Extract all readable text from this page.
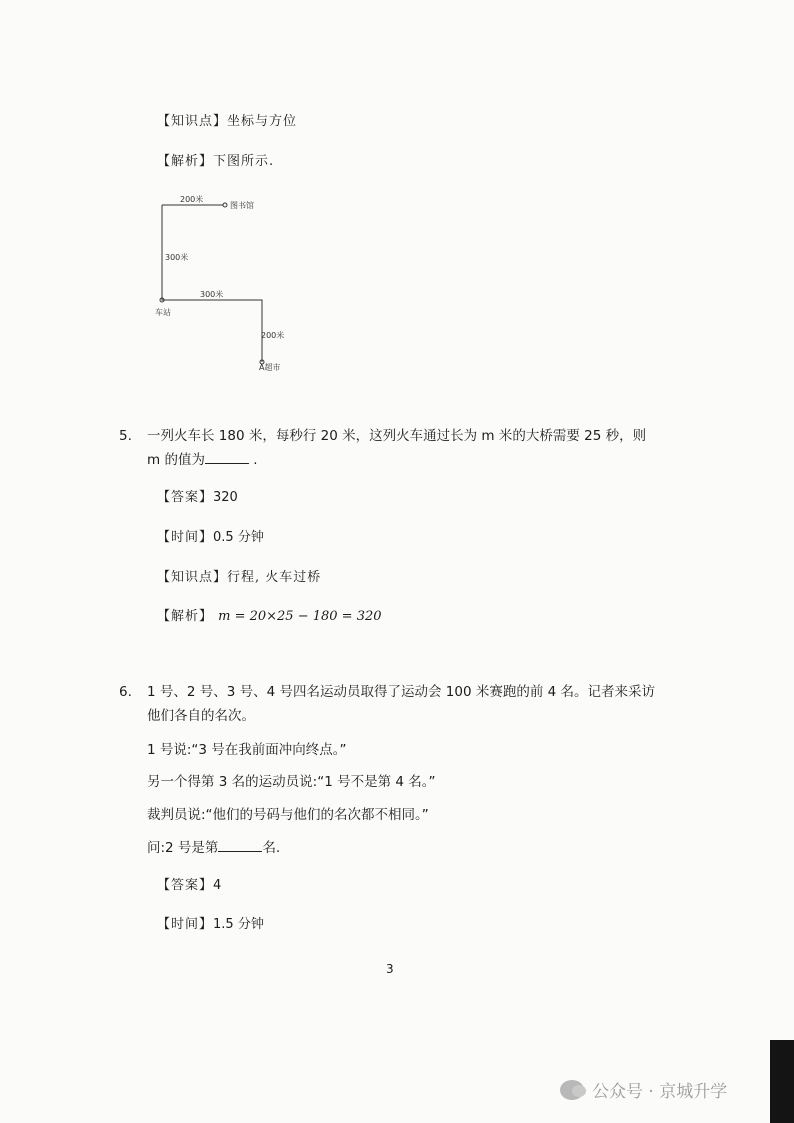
【知识点】坐标与方位
【解析】下图所示.
200米
图书馆
300米
300米
车站
200米
A超市
5. 一列火车长 180 米，每秒行 20 米，这列火车通过长为 m 米的大桥需要 25 秒，则
m 的值为	.
【答案】320
【时间】0.5 分钟
【知识点】行程, 火车过桥
【解析】 m = 20×25 − 180 = 320
6. 1 号、2 号、3 号、4 号四名运动员取得了运动会 100 米赛跑的前 4 名。记者来采访
他们各自的名次。
1 号说:“3 号在我前面冲向终点。”
另一个得第 3 名的运动员说:“1 号不是第 4 名。”
裁判员说:“他们的号码与他们的名次都不相同。”
问:2 号是第	名.
【答案】4
【时间】1.5 分钟
3
公众号 · 京城升学
